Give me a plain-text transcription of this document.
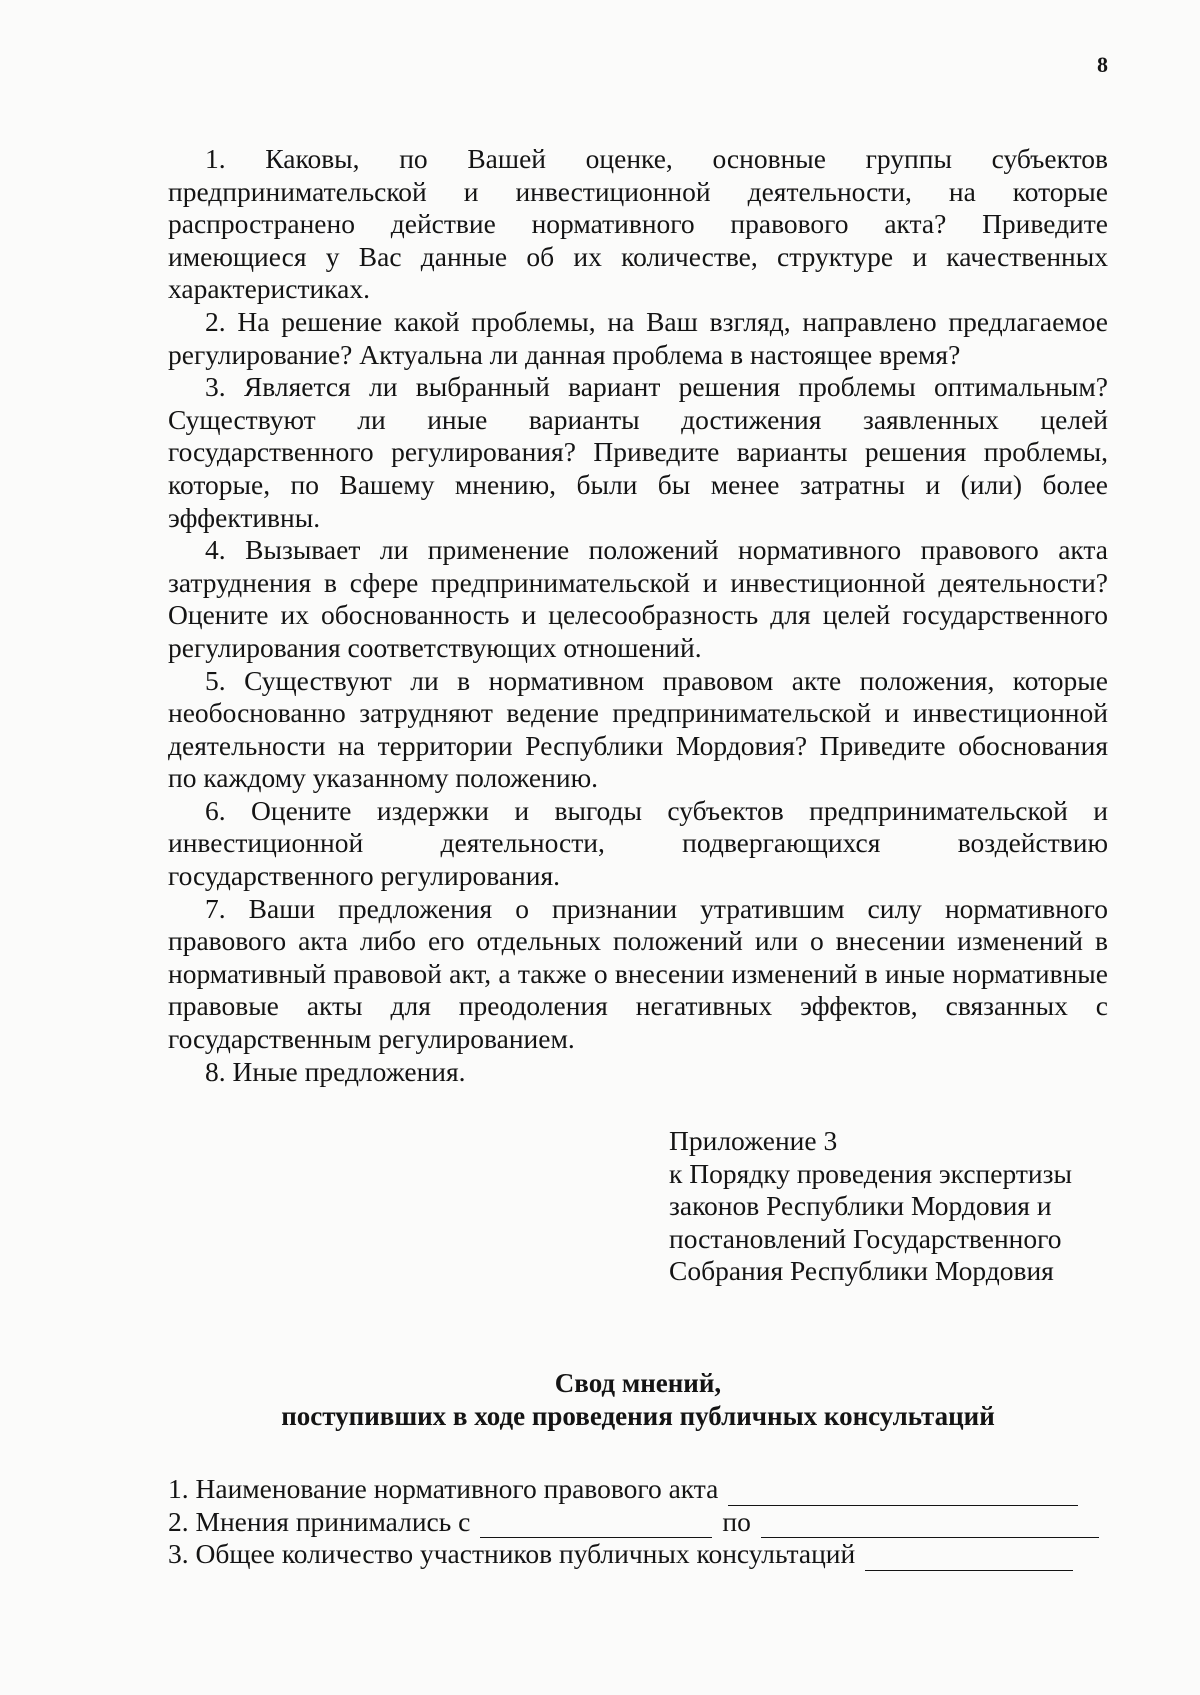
8

1. Каковы, по Вашей оценке, основные группы субъектов предпринимательской и инвестиционной деятельности, на которые распространено действие нормативного правового акта? Приведите имеющиеся у Вас данные об их количестве, структуре и качественных характеристиках.

2. На решение какой проблемы, на Ваш взгляд, направлено предлагаемое регулирование? Актуальна ли данная проблема в настоящее время?

3. Является ли выбранный вариант решения проблемы оптимальным? Существуют ли иные варианты достижения заявленных целей государственного регулирования? Приведите варианты решения проблемы, которые, по Вашему мнению, были бы менее затратны и (или) более эффективны.

4. Вызывает ли применение положений нормативного правового акта затруднения в сфере предпринимательской и инвестиционной деятельности? Оцените их обоснованность и целесообразность для целей государственного регулирования соответствующих отношений.

5. Существуют ли в нормативном правовом акте положения, которые необоснованно затрудняют ведение предпринимательской и инвестиционной деятельности на территории Республики Мордовия? Приведите обоснования по каждому указанному положению.

6. Оцените издержки и выгоды субъектов предпринимательской и инвестиционной деятельности, подвергающихся воздействию государственного регулирования.

7. Ваши предложения о признании утратившим силу нормативного правового акта либо его отдельных положений или о внесении изменений в нормативный правовой акт, а также о внесении изменений в иные нормативные правовые акты для преодоления негативных эффектов, связанных с государственным регулированием.

8. Иные предложения.

Приложение 3
к Порядку проведения экспертизы
законов Республики Мордовия и
постановлений Государственного
Собрания Республики Мордовия
Свод мнений,
поступивших в ходе проведения публичных консультаций
1. Наименование нормативного правового акта
2. Мнения принимались с	по
3. Общее количество участников публичных консультаций
